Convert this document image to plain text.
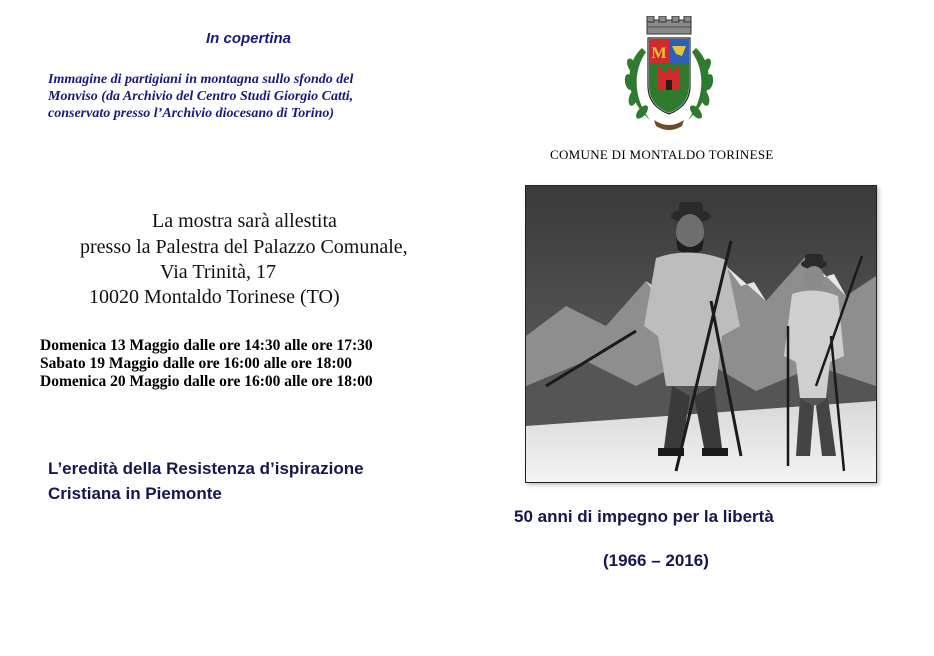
In copertina
Immagine di partigiani in montagna sullo sfondo del
Monviso (da Archivio del Centro Studi Giorgio Catti,
conservato presso l’Archivio diocesano di Torino)
La mostra sarà allestita
presso la Palestra del Palazzo Comunale,
Via Trinità, 17
10020 Montaldo Torinese (TO)
Domenica 13 Maggio dalle ore 14:30 alle ore 17:30
Sabato 19 Maggio dalle ore 16:00 alle ore 18:00
Domenica 20 Maggio dalle ore 16:00 alle ore 18:00
L’eredità della Resistenza d’ispirazione
Cristiana in Piemonte
M
COMUNE DI MONTALDO TORINESE
50 anni di impegno per la libertà
(1966 – 2016)
